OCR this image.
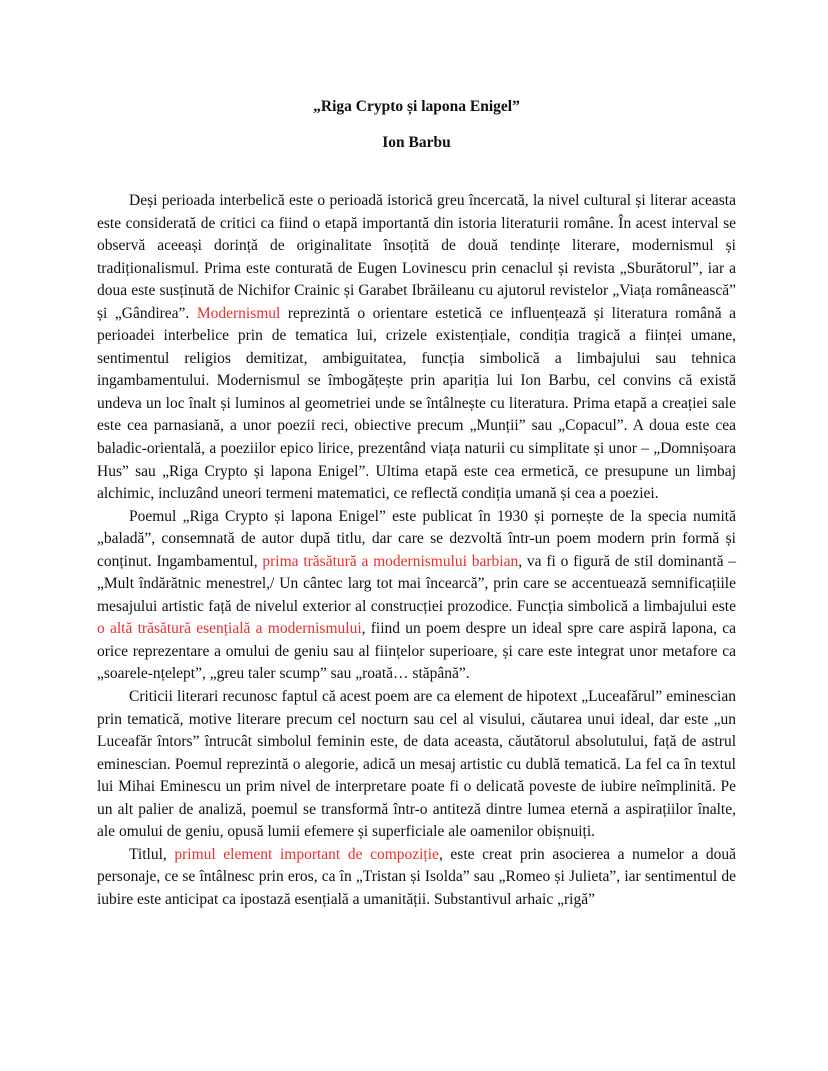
„Riga Crypto și lapona Enigel”
Ion Barbu

Deși perioada interbelică este o perioadă istorică greu încercată, la nivel cultural și literar aceasta este considerată de critici ca fiind o etapă importantă din istoria literaturii române. În acest interval se observă aceeași dorință de originalitate însoțită de două tendințe literare, modernismul și tradiționalismul. Prima este conturată de Eugen Lovinescu prin cenaclul și revista „Sburătorul”, iar a doua este susținută de Nichifor Crainic și Garabet Ibrăileanu cu ajutorul revistelor „Viața românească” și „Gândirea”. Modernismul reprezintă o orientare estetică ce influențează și literatura română a perioadei interbelice prin de tematica lui, crizele existențiale, condiția tragică a ființei umane, sentimentul religios demitizat, ambiguitatea, funcția simbolică a limbajului sau tehnica ingambamentului. Modernismul se îmbogățește prin apariția lui Ion Barbu, cel convins că există undeva un loc înalt și luminos al geometriei unde se întâlnește cu literatura. Prima etapă a creației sale este cea parnasiană, a unor poezii reci, obiective precum „Munții” sau „Copacul”. A doua este cea baladic-orientală, a poeziilor epico lirice, prezentând viața naturii cu simplitate și unor – „Domnișoara Hus” sau „Riga Crypto și lapona Enigel”. Ultima etapă este cea ermetică, ce presupune un limbaj alchimic, incluzând uneori termeni matematici, ce reflectă condiția umană și cea a poeziei.

Poemul „Riga Crypto și lapona Enigel” este publicat în 1930 și pornește de la specia numită „baladă”, consemnată de autor după titlu, dar care se dezvoltă într-un poem modern prin formă și conținut. Ingambamentul, prima trăsătură a modernismului barbian, va fi o figură de stil dominantă – „Mult îndărătnic menestrel,/ Un cântec larg tot mai încearcă”, prin care se accentuează semnificațiile mesajului artistic față de nivelul exterior al construcției prozodice. Funcția simbolică a limbajului este o altă trăsătură esențială a modernismului, fiind un poem despre un ideal spre care aspiră lapona, ca orice reprezentare a omului de geniu sau al ființelor superioare, și care este integrat unor metafore ca „soarele-nțelept”, „greu taler scump” sau „roată… stăpână”.

Criticii literari recunosc faptul că acest poem are ca element de hipotext „Luceafărul” eminescian prin tematică, motive literare precum cel nocturn sau cel al visului, căutarea unui ideal, dar este „un Luceafăr întors” întrucât simbolul feminin este, de data aceasta, căutătorul absolutului, față de astrul eminescian. Poemul reprezintă o alegorie, adică un mesaj artistic cu dublă tematică. La fel ca în textul lui Mihai Eminescu un prim nivel de interpretare poate fi o delicată poveste de iubire neîmplinită. Pe un alt palier de analiză, poemul se transformă într-o antiteză dintre lumea eternă a aspirațiilor înalte, ale omului de geniu, opusă lumii efemere și superficiale ale oamenilor obișnuiți.

Titlul, primul element important de compoziție, este creat prin asocierea a numelor a două personaje, ce se întâlnesc prin eros, ca în „Tristan și Isolda” sau „Romeo și Julieta”, iar sentimentul de iubire este anticipat ca ipostază esențială a umanității. Substantivul arhaic „rigă”
